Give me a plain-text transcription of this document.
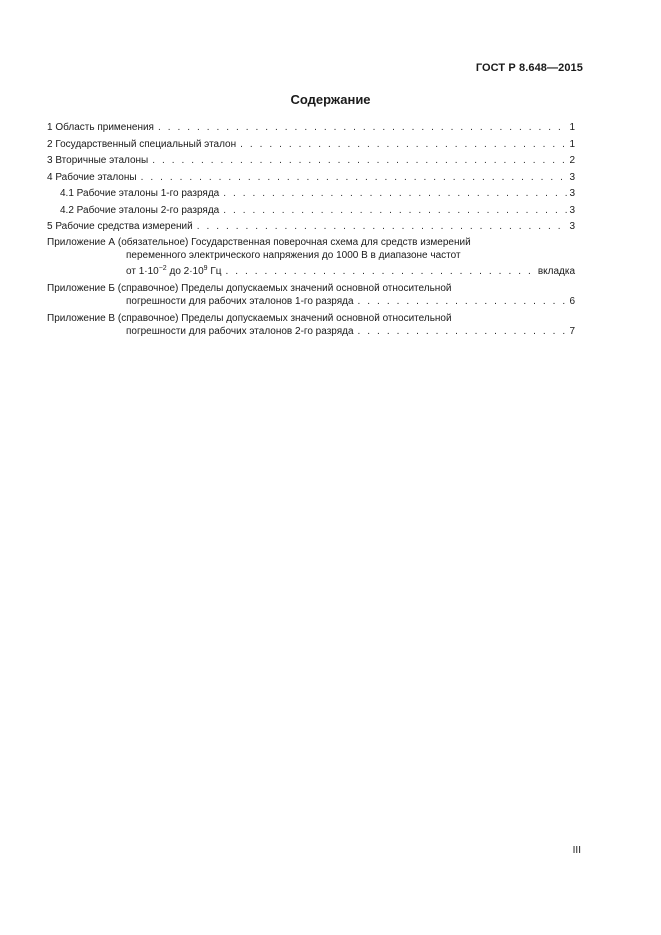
ГОСТ Р 8.648—2015
Содержание
1 Область применения . . .	1
2 Государственный специальный эталон . . .	1
3 Вторичные эталоны . . .	2
4 Рабочие эталоны . . .	3
4.1 Рабочие эталоны 1-го разряда . . .	3
4.2 Рабочие эталоны 2-го разряда . . .	3
5 Рабочие средства измерений . . .	3
Приложение А (обязательное) Государственная поверочная схема для средств измерений
переменного электрического напряжения до 1000 В в диапазоне частот
от $1\cdot 10^{-2}$ до $2\cdot 10^9$ Гц . . .	вкладка
Приложение Б (справочное) Пределы допускаемых значений основной относительной
погрешности для рабочих эталонов 1-го разряда . . .	6
Приложение В (справочное) Пределы допускаемых значений основной относительной
погрешности для рабочих эталонов 2-го разряда . . .	7
III
